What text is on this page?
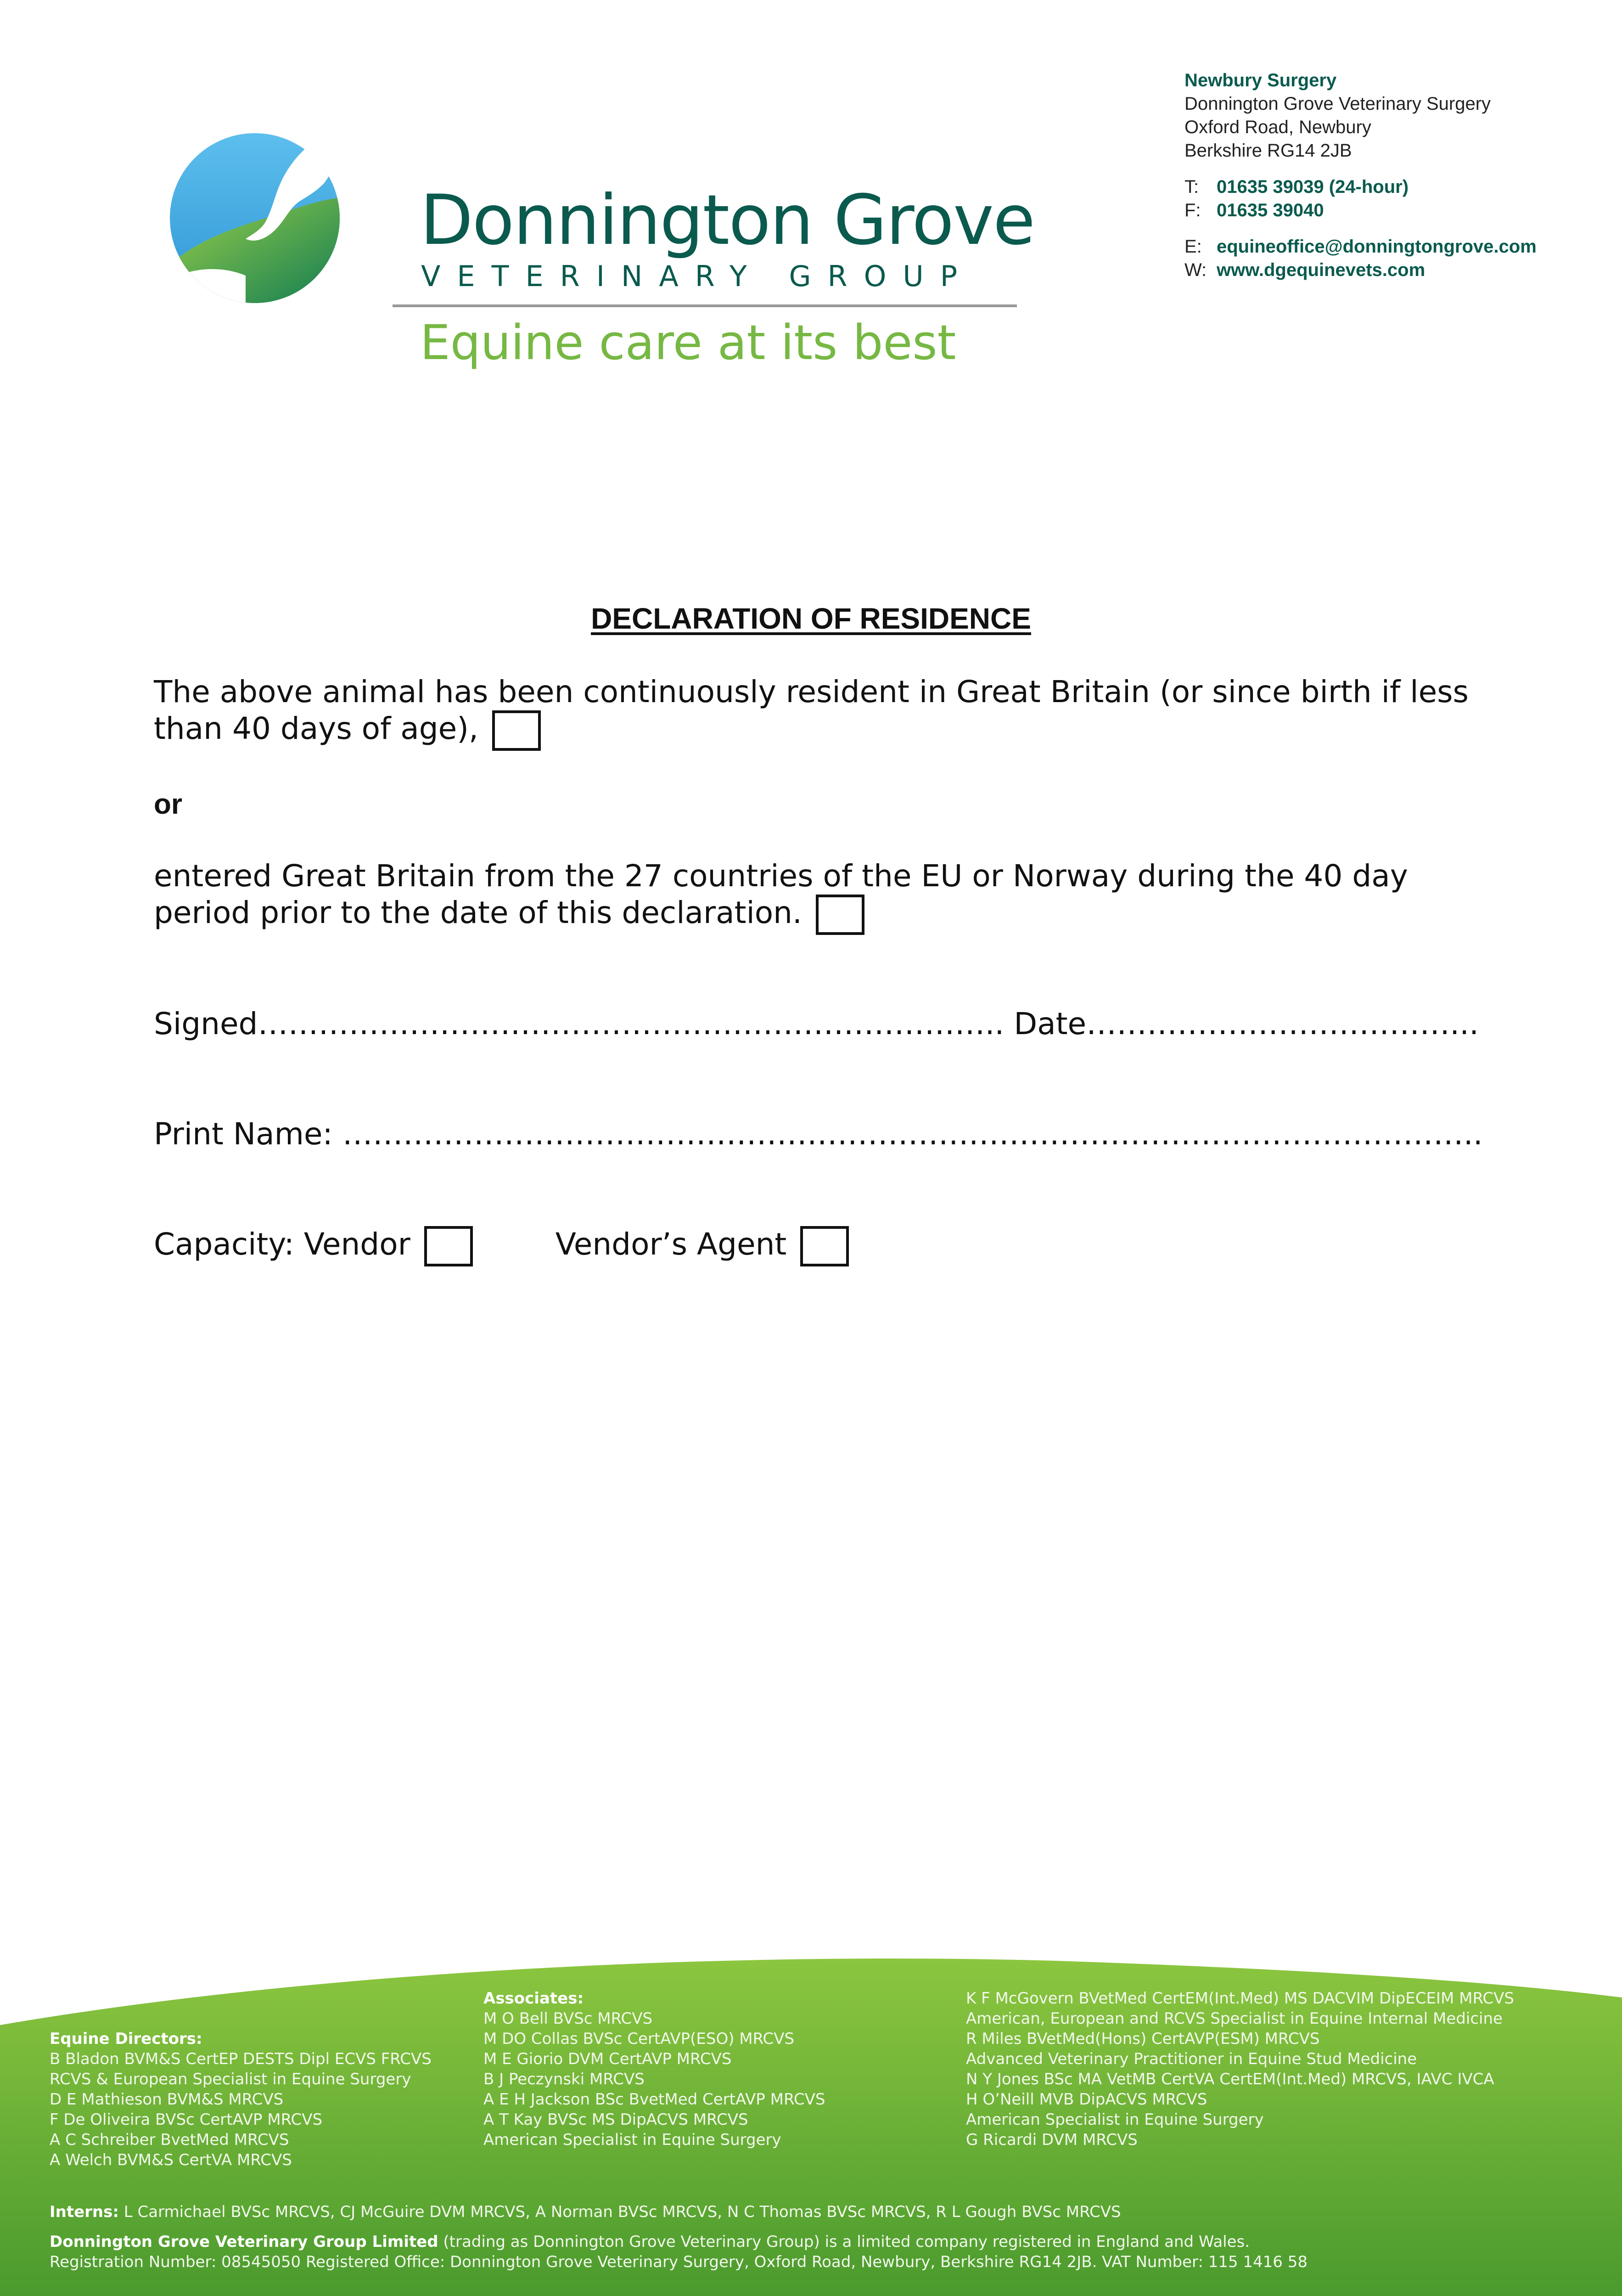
Donnington Grove
VETERINARY GROUP
Equine care at its best
Newbury Surgery
Donnington Grove Veterinary Surgery
Oxford Road, Newbury
Berkshire RG14 2JB
T: 01635 39039 (24-hour)
F: 01635 39040
E: equineoffice@donningtongrove.com
W: www.dgequinevets.com
DECLARATION OF RESIDENCE
The above animal has been continuously resident in Great Britain (or since birth if less than 40 days of age),
or
entered Great Britain from the 27 countries of the EU or Norway during the 40 day period prior to the date of this declaration.
Signed……………………………………………………………….. Date………………………………...
Print Name: …………………………………………………………………………………………………..
Capacity: Vendor	Vendor’s Agent
Equine Directors:
B Bladon BVM&S CertEP DESTS Dipl ECVS FRCVS
RCVS & European Specialist in Equine Surgery
D E Mathieson BVM&S MRCVS
F De Oliveira BVSc CertAVP MRCVS
A C Schreiber BvetMed MRCVS
A Welch BVM&S CertVA MRCVS
Associates:
M O Bell BVSc MRCVS
M DO Collas BVSc CertAVP(ESO) MRCVS
M E Giorio DVM CertAVP MRCVS
B J Peczynski MRCVS
A E H Jackson BSc BvetMed CertAVP MRCVS
A T Kay BVSc MS DipACVS MRCVS
American Specialist in Equine Surgery
K F McGovern BVetMed CertEM(Int.Med) MS DACVIM DipECEIM MRCVS
American, European and RCVS Specialist in Equine Internal Medicine
R Miles BVetMed(Hons) CertAVP(ESM) MRCVS
Advanced Veterinary Practitioner in Equine Stud Medicine
N Y Jones BSc MA VetMB CertVA CertEM(Int.Med) MRCVS, IAVC IVCA
H O’Neill MVB DipACVS MRCVS
American Specialist in Equine Surgery
G Ricardi DVM MRCVS
Interns: L Carmichael BVSc MRCVS, CJ McGuire DVM MRCVS, A Norman BVSc MRCVS, N C Thomas BVSc MRCVS, R L Gough BVSc MRCVS
Donnington Grove Veterinary Group Limited (trading as Donnington Grove Veterinary Group) is a limited company registered in England and Wales.
Registration Number: 08545050 Registered Office: Donnington Grove Veterinary Surgery, Oxford Road, Newbury, Berkshire RG14 2JB. VAT Number: 115 1416 58
